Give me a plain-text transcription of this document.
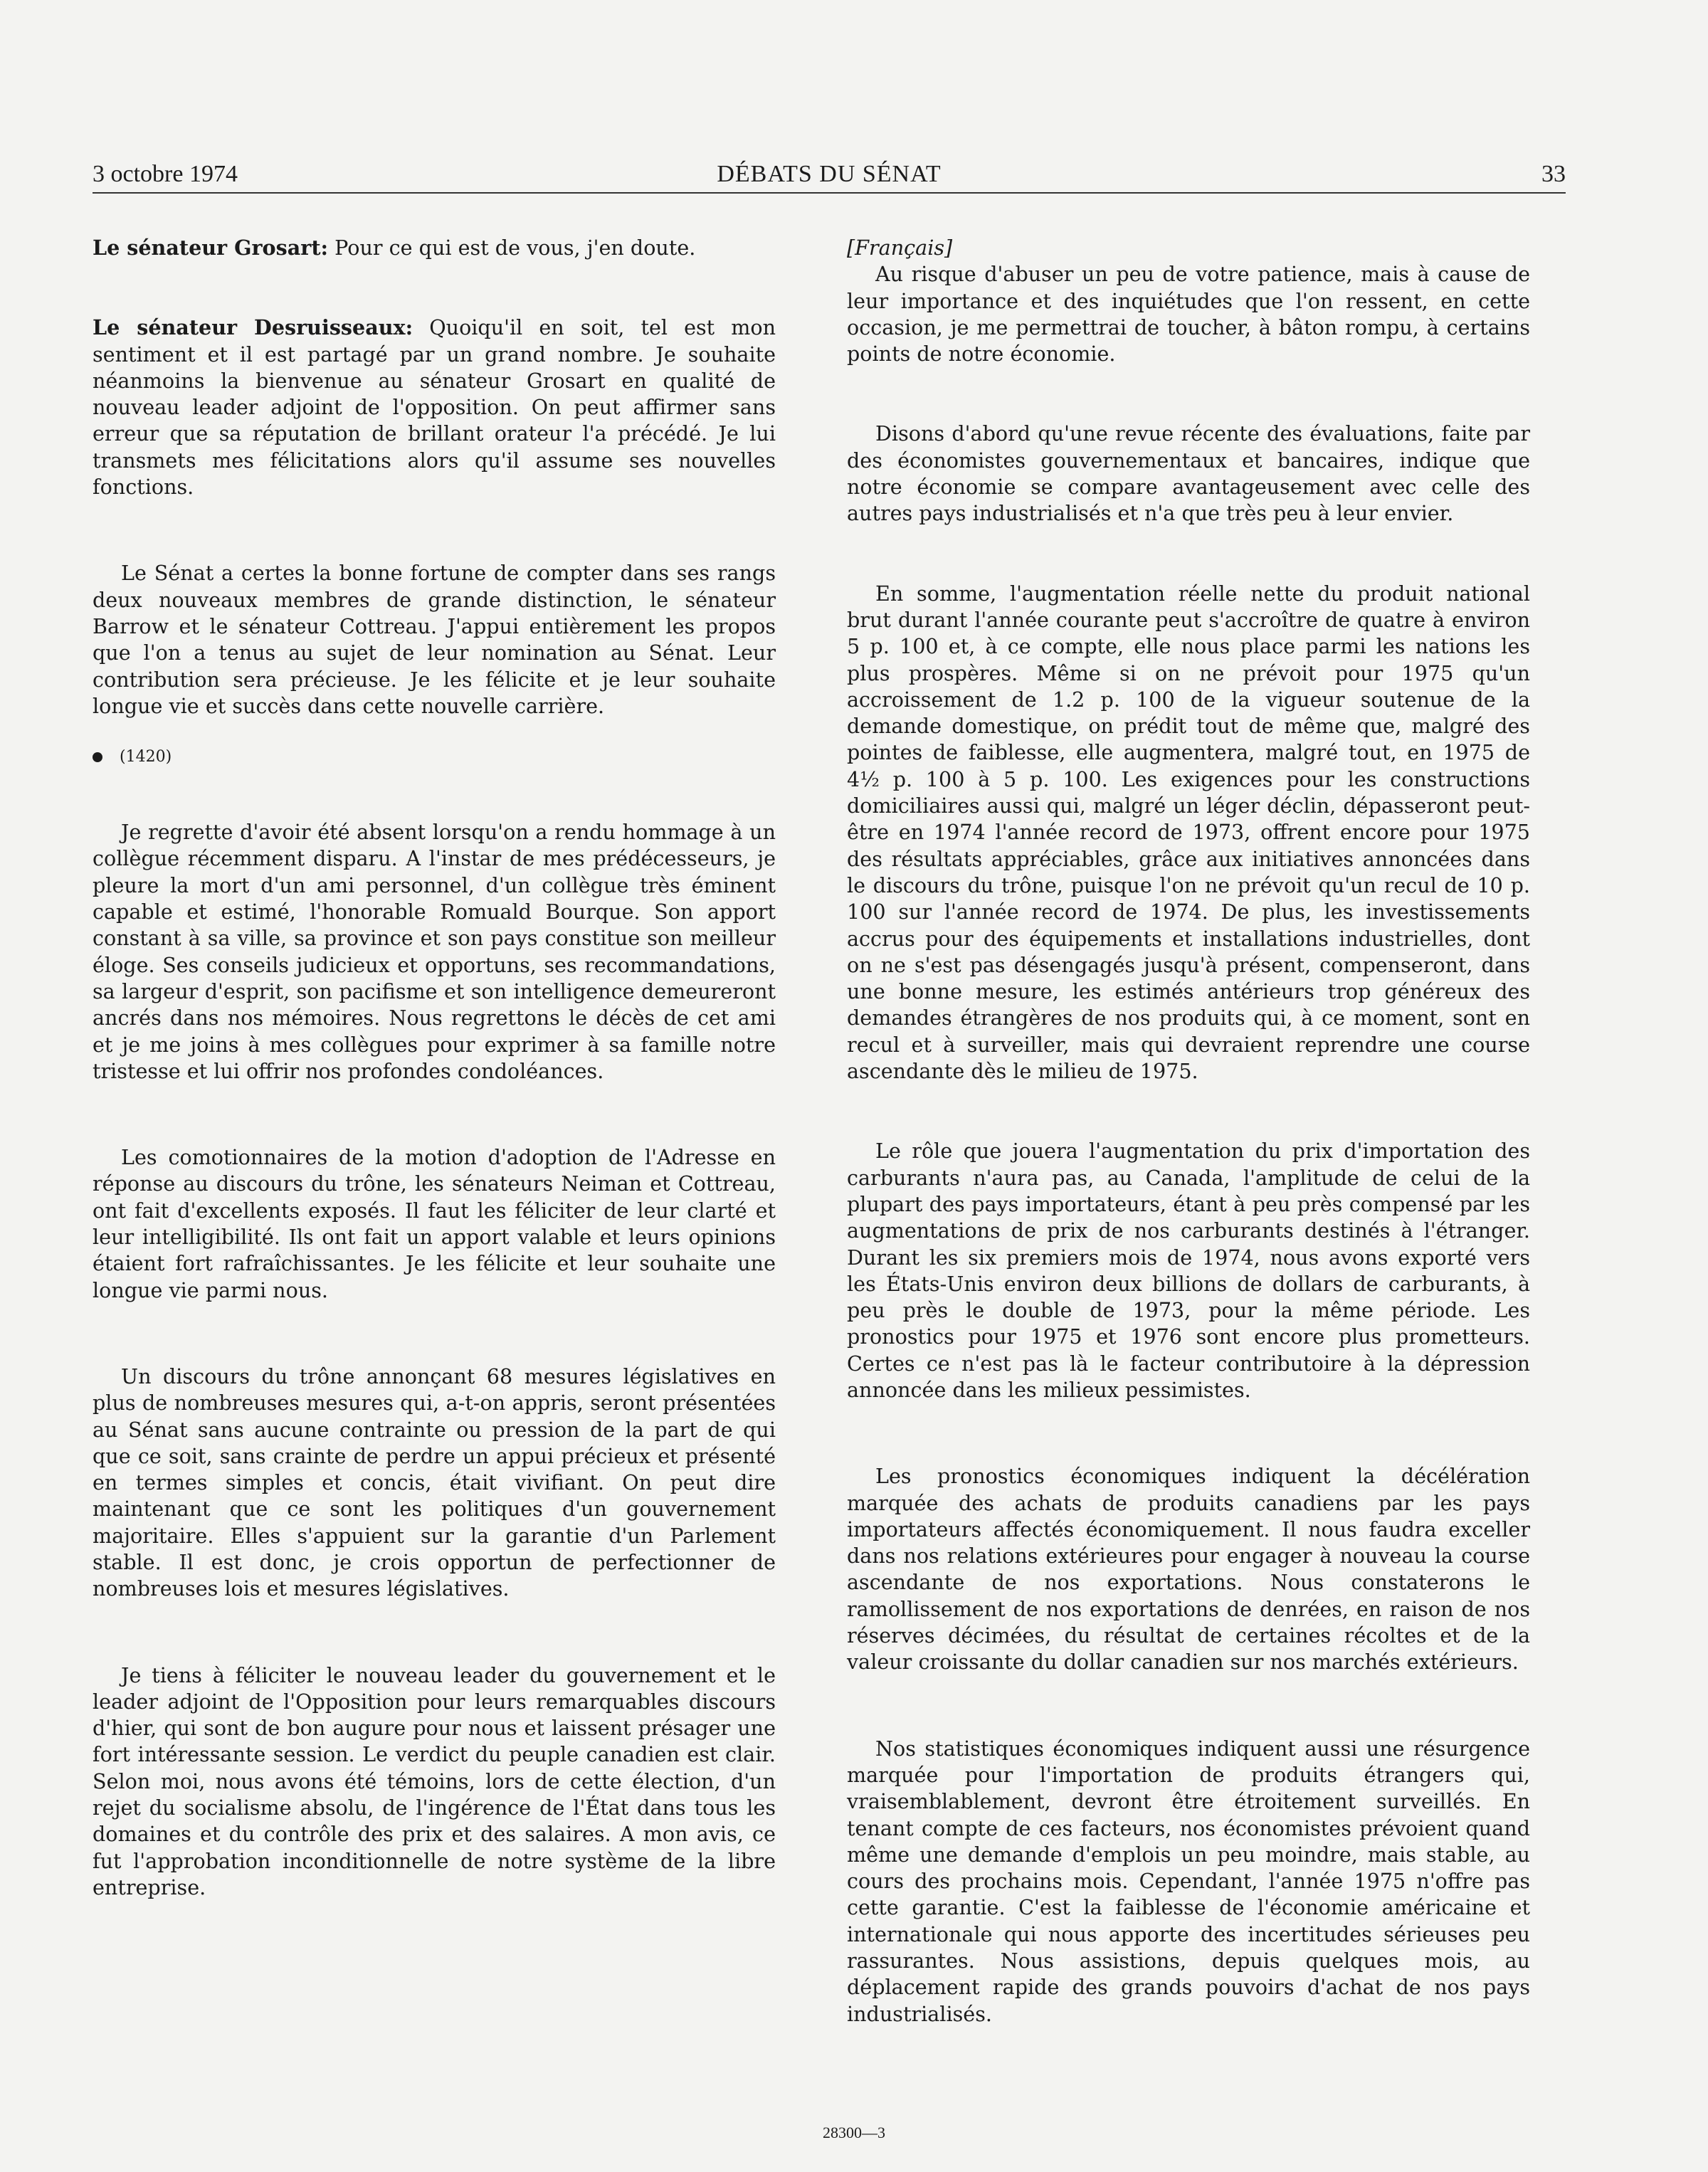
3 octobre 1974	DÉBATS DU SÉNAT	33

Le sénateur Grosart: Pour ce qui est de vous, j'en doute.

Le sénateur Desruisseaux: Quoiqu'il en soit, tel est mon sentiment et il est partagé par un grand nombre. Je souhaite néanmoins la bienvenue au sénateur Grosart en qualité de nouveau leader adjoint de l'opposition. On peut affirmer sans erreur que sa réputation de brillant orateur l'a précédé. Je lui transmets mes félicitations alors qu'il assume ses nouvelles fonctions.

Le Sénat a certes la bonne fortune de compter dans ses rangs deux nouveaux membres de grande distinction, le sénateur Barrow et le sénateur Cottreau. J'appui entièrement les propos que l'on a tenus au sujet de leur nomination au Sénat. Leur contribution sera précieuse. Je les félicite et je leur souhaite longue vie et succès dans cette nouvelle carrière.

(1420)

Je regrette d'avoir été absent lorsqu'on a rendu hommage à un collègue récemment disparu. A l'instar de mes prédécesseurs, je pleure la mort d'un ami personnel, d'un collègue très éminent capable et estimé, l'honorable Romuald Bourque. Son apport constant à sa ville, sa province et son pays constitue son meilleur éloge. Ses conseils judicieux et opportuns, ses recommandations, sa largeur d'esprit, son pacifisme et son intelligence demeureront ancrés dans nos mémoires. Nous regrettons le décès de cet ami et je me joins à mes collègues pour exprimer à sa famille notre tristesse et lui offrir nos profondes condoléances.

Les comotionnaires de la motion d'adoption de l'Adresse en réponse au discours du trône, les sénateurs Neiman et Cottreau, ont fait d'excellents exposés. Il faut les féliciter de leur clarté et leur intelligibilité. Ils ont fait un apport valable et leurs opinions étaient fort rafraîchissantes. Je les félicite et leur souhaite une longue vie parmi nous.

Un discours du trône annonçant 68 mesures législatives en plus de nombreuses mesures qui, a-t-on appris, seront présentées au Sénat sans aucune contrainte ou pression de la part de qui que ce soit, sans crainte de perdre un appui précieux et présenté en termes simples et concis, était vivifiant. On peut dire maintenant que ce sont les politiques d'un gouvernement majoritaire. Elles s'appuient sur la garantie d'un Parlement stable. Il est donc, je crois opportun de perfectionner de nombreuses lois et mesures législatives.

Je tiens à féliciter le nouveau leader du gouvernement et le leader adjoint de l'Opposition pour leurs remarquables discours d'hier, qui sont de bon augure pour nous et laissent présager une fort intéressante session. Le verdict du peuple canadien est clair. Selon moi, nous avons été témoins, lors de cette élection, d'un rejet du socialisme absolu, de l'ingérence de l'État dans tous les domaines et du contrôle des prix et des salaires. A mon avis, ce fut l'approbation inconditionnelle de notre système de la libre entreprise.

[Français]

Au risque d'abuser un peu de votre patience, mais à cause de leur importance et des inquiétudes que l'on ressent, en cette occasion, je me permettrai de toucher, à bâton rompu, à certains points de notre économie.

Disons d'abord qu'une revue récente des évaluations, faite par des économistes gouvernementaux et bancaires, indique que notre économie se compare avantageusement avec celle des autres pays industrialisés et n'a que très peu à leur envier.

En somme, l'augmentation réelle nette du produit national brut durant l'année courante peut s'accroître de quatre à environ 5 p. 100 et, à ce compte, elle nous place parmi les nations les plus prospères. Même si on ne prévoit pour 1975 qu'un accroissement de 1.2 p. 100 de la vigueur soutenue de la demande domestique, on prédit tout de même que, malgré des pointes de faiblesse, elle augmentera, malgré tout, en 1975 de 4½ p. 100 à 5 p. 100. Les exigences pour les constructions domiciliaires aussi qui, malgré un léger déclin, dépasseront peut-être en 1974 l'année record de 1973, offrent encore pour 1975 des résultats appréciables, grâce aux initiatives annoncées dans le discours du trône, puisque l'on ne prévoit qu'un recul de 10 p. 100 sur l'année record de 1974. De plus, les investissements accrus pour des équipements et installations industrielles, dont on ne s'est pas désengagés jusqu'à présent, compenseront, dans une bonne mesure, les estimés antérieurs trop généreux des demandes étrangères de nos produits qui, à ce moment, sont en recul et à surveiller, mais qui devraient reprendre une course ascendante dès le milieu de 1975.

Le rôle que jouera l'augmentation du prix d'importation des carburants n'aura pas, au Canada, l'amplitude de celui de la plupart des pays importateurs, étant à peu près compensé par les augmentations de prix de nos carburants destinés à l'étranger. Durant les six premiers mois de 1974, nous avons exporté vers les États-Unis environ deux billions de dollars de carburants, à peu près le double de 1973, pour la même période. Les pronostics pour 1975 et 1976 sont encore plus prometteurs. Certes ce n'est pas là le facteur contributoire à la dépression annoncée dans les milieux pessimistes.

Les pronostics économiques indiquent la décélération marquée des achats de produits canadiens par les pays importateurs affectés économiquement. Il nous faudra exceller dans nos relations extérieures pour engager à nouveau la course ascendante de nos exportations. Nous constaterons le ramollissement de nos exportations de denrées, en raison de nos réserves décimées, du résultat de certaines récoltes et de la valeur croissante du dollar canadien sur nos marchés extérieurs.

Nos statistiques économiques indiquent aussi une résurgence marquée pour l'importation de produits étrangers qui, vraisemblablement, devront être étroitement surveillés. En tenant compte de ces facteurs, nos économistes prévoient quand même une demande d'emplois un peu moindre, mais stable, au cours des prochains mois. Cependant, l'année 1975 n'offre pas cette garantie. C'est la faiblesse de l'économie américaine et internationale qui nous apporte des incertitudes sérieuses peu rassurantes. Nous assistions, depuis quelques mois, au déplacement rapide des grands pouvoirs d'achat de nos pays industrialisés.

28300—3
